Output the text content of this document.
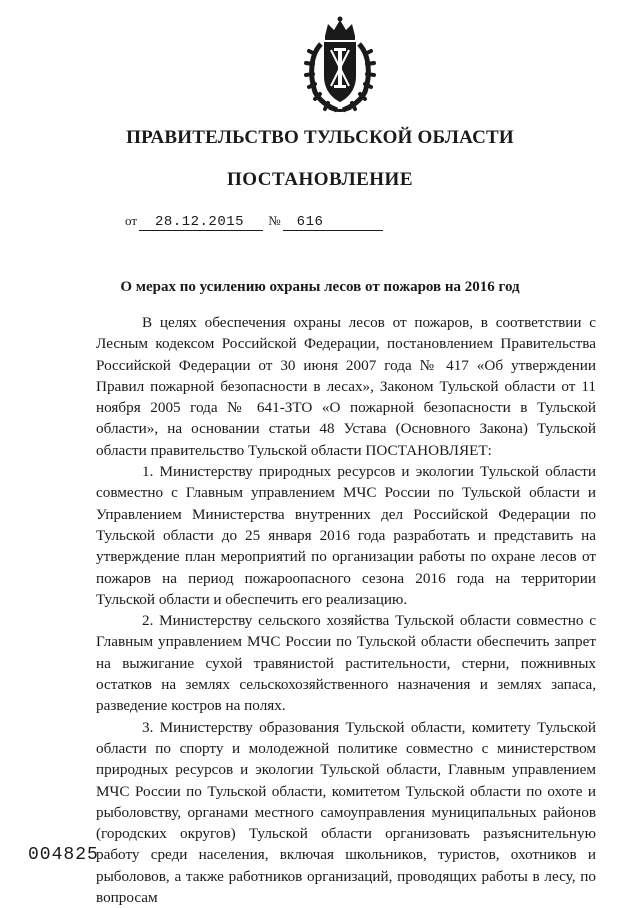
ПРАВИТЕЛЬСТВО ТУЛЬСКОЙ ОБЛАСТИ
ПОСТАНОВЛЕНИЕ
от 28.12.2015 № 616
О мерах по усилению охраны лесов от пожаров на 2016 год

В целях обеспечения охраны лесов от пожаров, в соответствии с Лесным кодексом Российской Федерации, постановлением Правительства Российской Федерации от 30 июня 2007 года № 417 «Об утверждении Правил пожарной безопасности в лесах», Законом Тульской области от 11 ноября 2005 года № 641-ЗТО «О пожарной безопасности в Тульской области», на основании статьи 48 Устава (Основного Закона) Тульской области правительство Тульской области ПОСТАНОВЛЯЕТ:

1. Министерству природных ресурсов и экологии Тульской области совместно с Главным управлением МЧС России по Тульской области и Управлением Министерства внутренних дел Российской Федерации по Тульской области до 25 января 2016 года разработать и представить на утверждение план мероприятий по организации работы по охране лесов от пожаров на период пожароопасного сезона 2016 года на территории Тульской области и обеспечить его реализацию.

2. Министерству сельского хозяйства Тульской области совместно с Главным управлением МЧС России по Тульской области обеспечить запрет на выжигание сухой травянистой растительности, стерни, пожнивных остатков на землях сельскохозяйственного назначения и землях запаса, разведение костров на полях.

3. Министерству образования Тульской области, комитету Тульской области по спорту и молодежной политике совместно с министерством природных ресурсов и экологии Тульской области, Главным управлением МЧС России по Тульской области, комитетом Тульской области по охоте и рыболовству, органами местного самоуправления муниципальных районов (городских округов) Тульской области организовать разъяснительную работу среди населения, включая школьников, туристов, охотников и рыболовов, а также работников организаций, проводящих работы в лесу, по вопросам

004825
